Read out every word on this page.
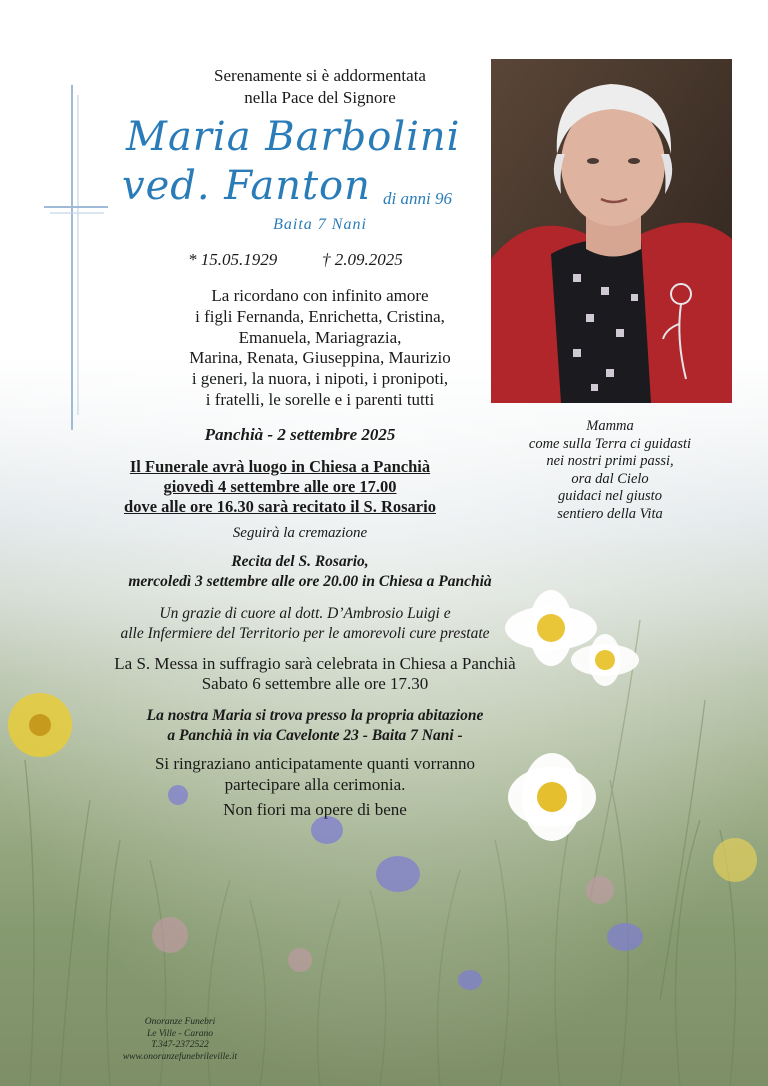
Serenamente si è addormentata
nella Pace del Signore
Maria Barbolini
ved. Fanton di anni 96
Baita 7 Nani
* 15.05.1929	† 2.09.2025
La ricordano con infinito amore
i figli Fernanda, Enrichetta, Cristina,
Emanuela, Mariagrazia,
Marina, Renata, Giuseppina, Maurizio
i generi, la nuora, i nipoti, i pronipoti,
i fratelli, le sorelle e i parenti tutti
Mamma
come sulla Terra ci guidasti
nei nostri primi passi,
ora dal Cielo
guidaci nel giusto
sentiero della Vita
Panchià - 2 settembre 2025
Il Funerale avrà luogo in Chiesa a Panchià
giovedì 4 settembre alle ore 17.00
dove alle ore 16.30 sarà recitato il S. Rosario
Seguirà la cremazione
Recita del S. Rosario,
mercoledì 3 settembre alle ore 20.00 in Chiesa a Panchià
Un grazie di cuore al dott. D’Ambrosio Luigi e
alle Infermiere del Territorio per le amorevoli cure prestate
La S. Messa in suffragio sarà celebrata in Chiesa a Panchià
Sabato 6 settembre alle ore 17.30
La nostra Maria si trova presso la propria abitazione
a Panchià in via Cavelonte 23 - Baita 7 Nani -
Si ringraziano anticipatamente quanti vorranno
partecipare alla cerimonia.
Non fiori ma opere di bene
Onoranze Funebri
Le Ville - Carano
T.347-2372522
www.onoranzefunebrileville.it
